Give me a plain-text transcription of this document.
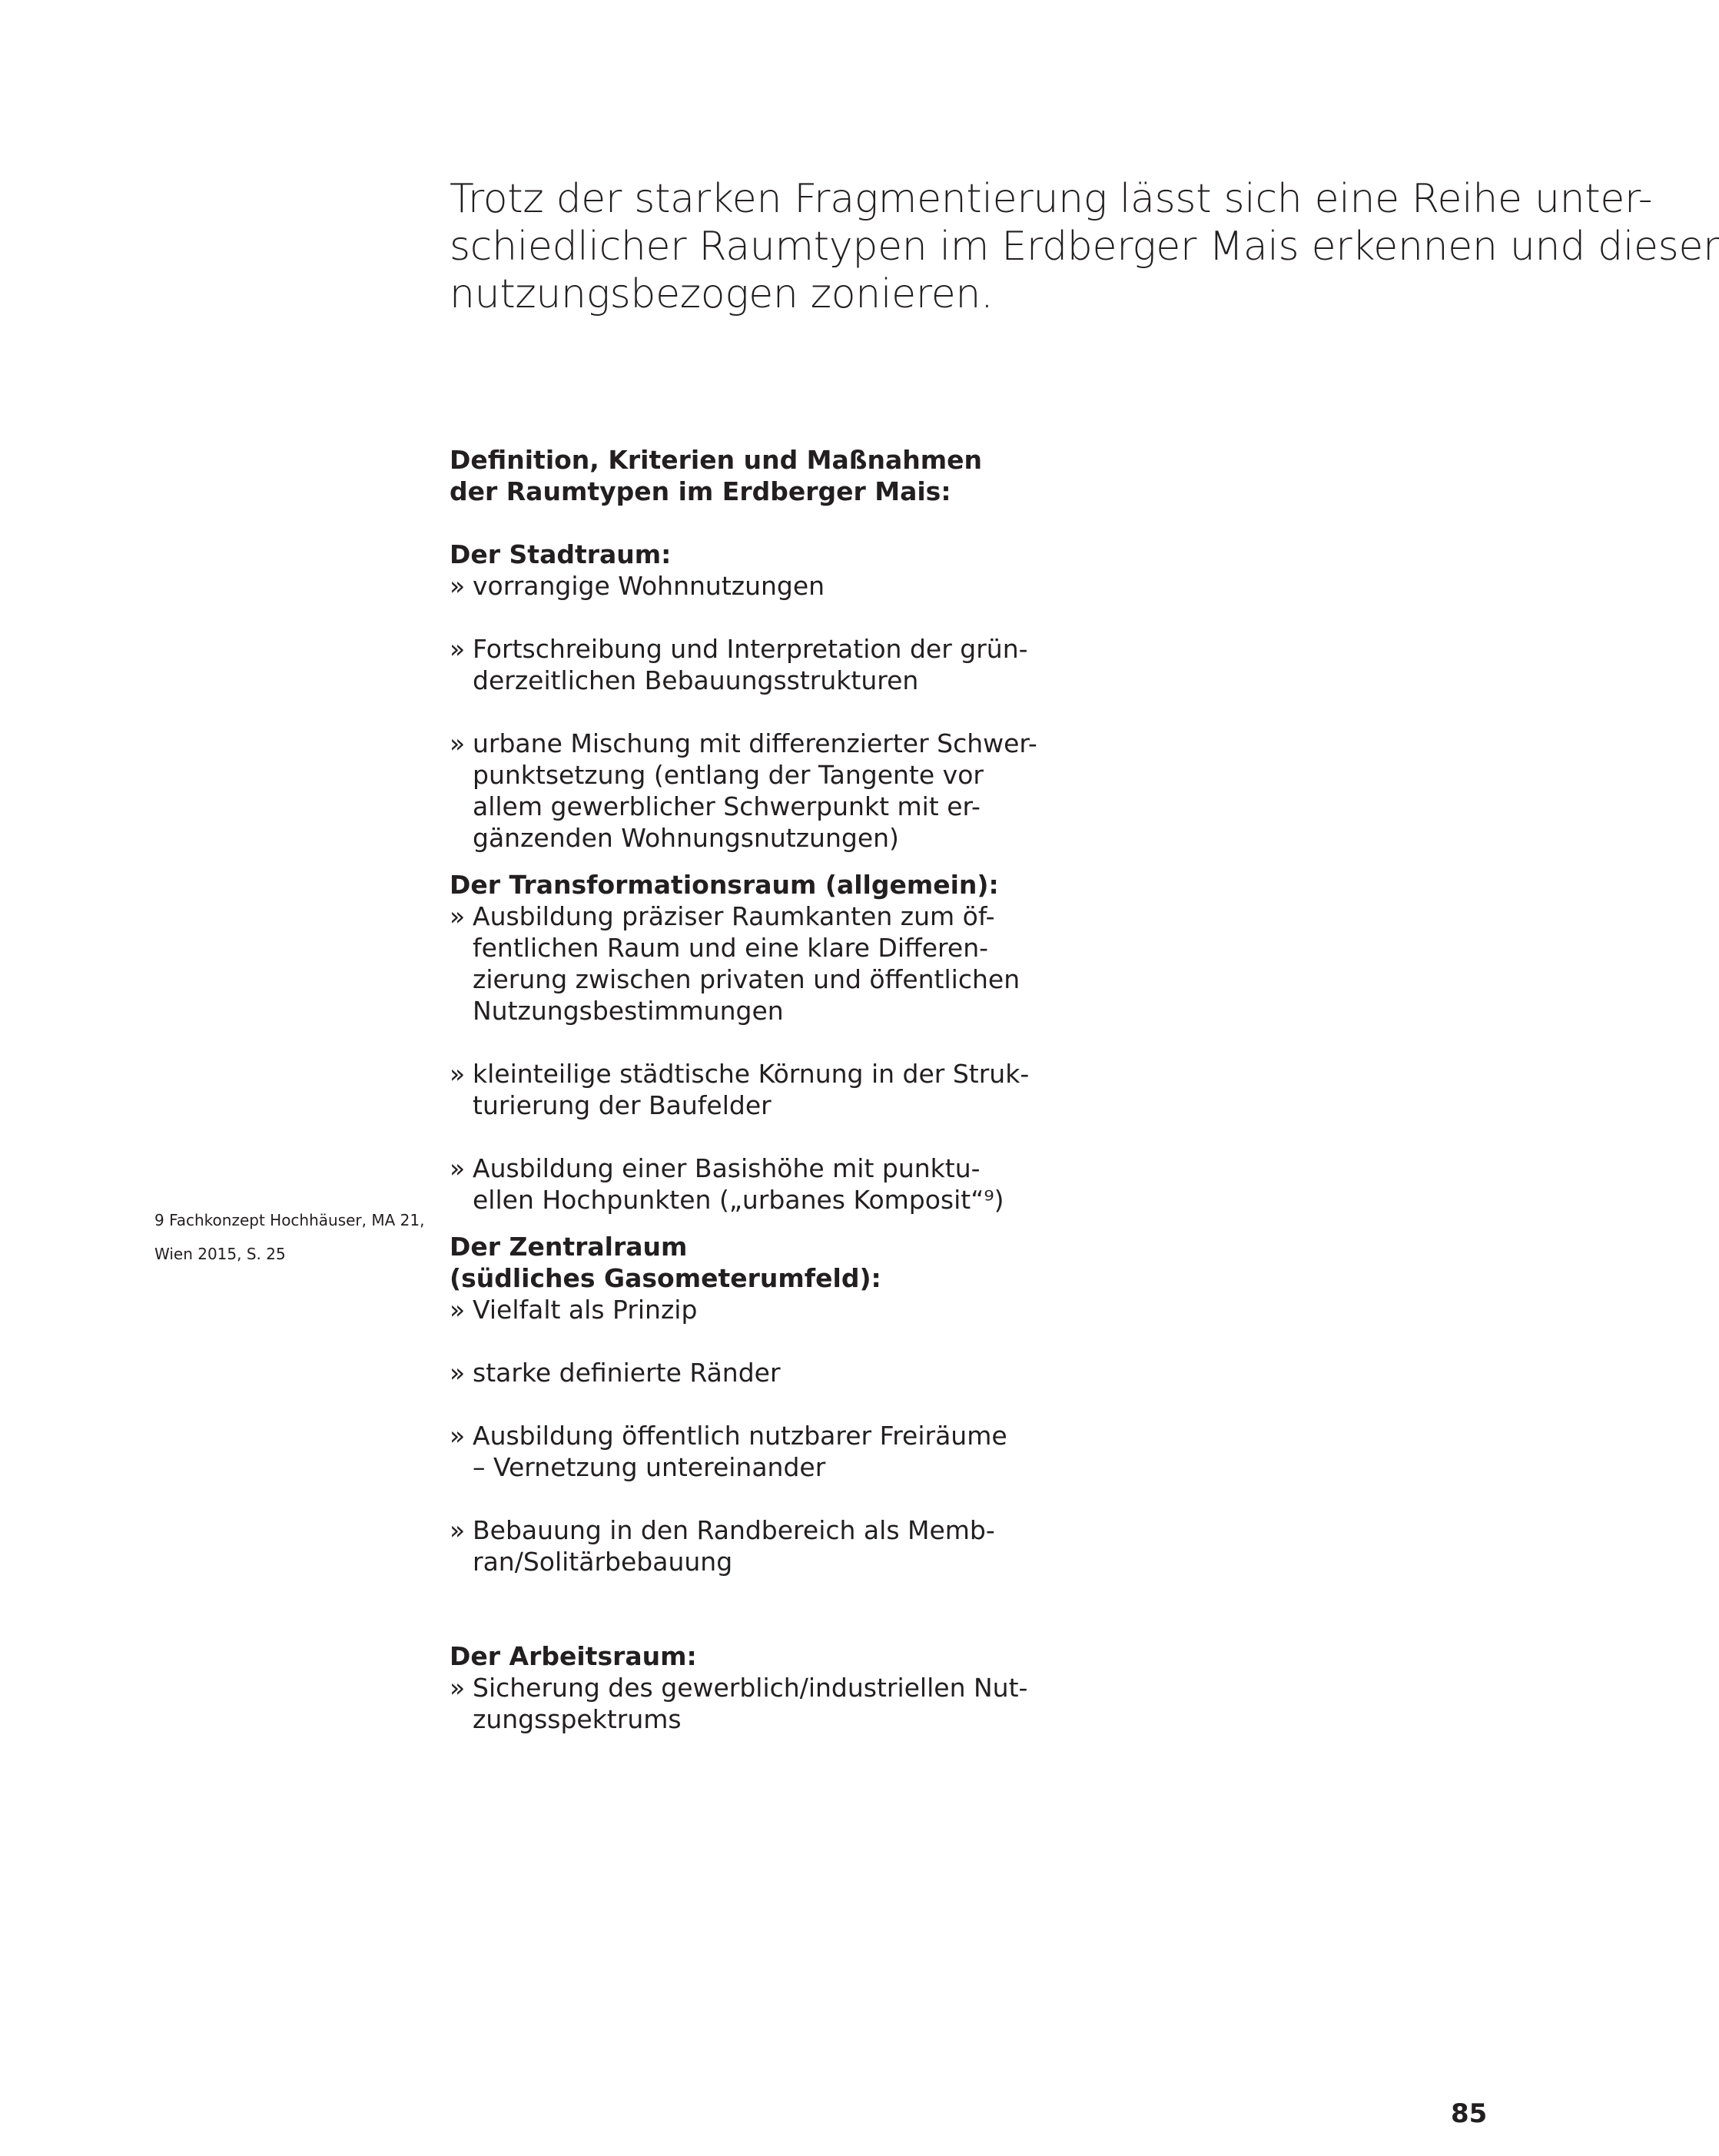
Trotz der starken Fragmentierung lässt sich eine Reihe unter-
schiedlicher Raumtypen im Erdberger Mais erkennen und dieser
nutzungsbezogen zonieren.
Definition, Kriterien und Maßnahmen
der Raumtypen im Erdberger Mais:
Der Stadtraum:
» vorrangige Wohnnutzungen
» Fortschreibung und Interpretation der grün-
derzeitlichen Bebauungsstrukturen
» urbane Mischung mit differenzierter Schwer-
punktsetzung (entlang der Tangente vor
allem gewerblicher Schwerpunkt mit er-
gänzenden Wohnungsnutzungen)
Der Transformationsraum (allgemein):
» Ausbildung präziser Raumkanten zum öf-
fentlichen Raum und eine klare Differen-
zierung zwischen privaten und öffentlichen
Nutzungsbestimmungen
» kleinteilige städtische Körnung in der Struk-
turierung der Baufelder
» Ausbildung einer Basishöhe mit punktu-
ellen Hochpunkten („urbanes Komposit“⁹)
Der Zentralraum
(südliches Gasometerumfeld):
» Vielfalt als Prinzip
» starke definierte Ränder
» Ausbildung öffentlich nutzbarer Freiräume
– Vernetzung untereinander
» Bebauung in den Randbereich als Memb-
ran/Solitärbebauung
Der Arbeitsraum:
» Sicherung des gewerblich/industriellen Nut-
zungsspektrums
9 Fachkonzept Hochhäuser, MA 21,
Wien 2015, S. 25
85
